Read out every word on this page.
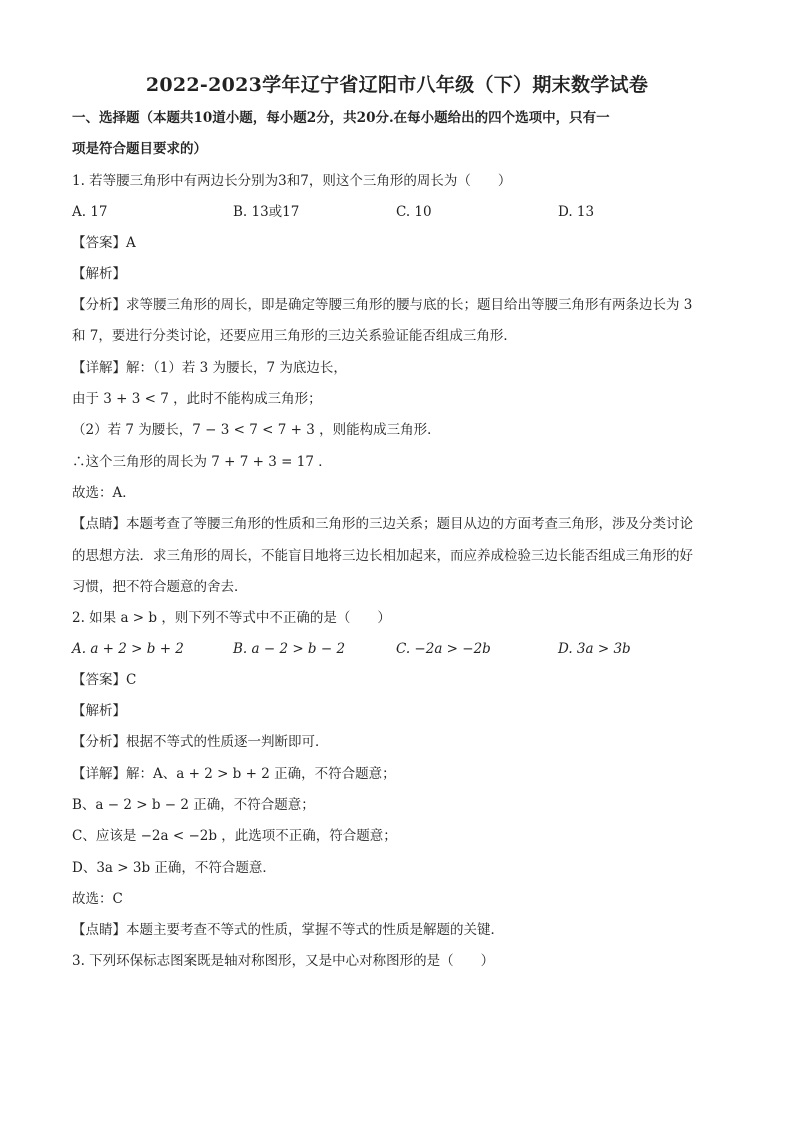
2022-2023学年辽宁省辽阳市八年级（下）期末数学试卷
一、选择题（本题共10道小题，每小题2分，共20分.在每小题给出的四个选项中，只有一
项是符合题目要求的）
1. 若等腰三角形中有两边长分别为3和7，则这个三角形的周长为（　　）
A. 17	B. 13或17	C. 10	D. 13
【答案】A
【解析】
【分析】求等腰三角形的周长，即是确定等腰三角形的腰与底的长；题目给出等腰三角形有两条边长为 3
和 7，要进行分类讨论，还要应用三角形的三边关系验证能否组成三角形．
【详解】解：（1）若 3 为腰长，7 为底边长，
由于 3 + 3 < 7 ，此时不能构成三角形；
（2）若 7 为腰长，7 − 3 < 7 < 7 + 3 ，则能构成三角形．
∴这个三角形的周长为 7 + 7 + 3 = 17 ．
故选：A．
【点睛】本题考查了等腰三角形的性质和三角形的三边关系；题目从边的方面考查三角形，涉及分类讨论
的思想方法．求三角形的周长，不能盲目地将三边长相加起来，而应养成检验三边长能否组成三角形的好
习惯，把不符合题意的舍去．
2. 如果 a > b ，则下列不等式中不正确的是（　　）
A. a + 2 > b + 2	B. a − 2 > b − 2	C. −2a > −2b	D. 3a > 3b
【答案】C
【解析】
【分析】根据不等式的性质逐一判断即可．
【详解】解：A、a + 2 > b + 2 正确，不符合题意；
B、a − 2 > b − 2 正确，不符合题意；
C、应该是 −2a < −2b ，此选项不正确，符合题意；
D、3a > 3b 正确，不符合题意．
故选：C
【点睛】本题主要考查不等式的性质，掌握不等式的性质是解题的关键．
3. 下列环保标志图案既是轴对称图形，又是中心对称图形的是（　　）
